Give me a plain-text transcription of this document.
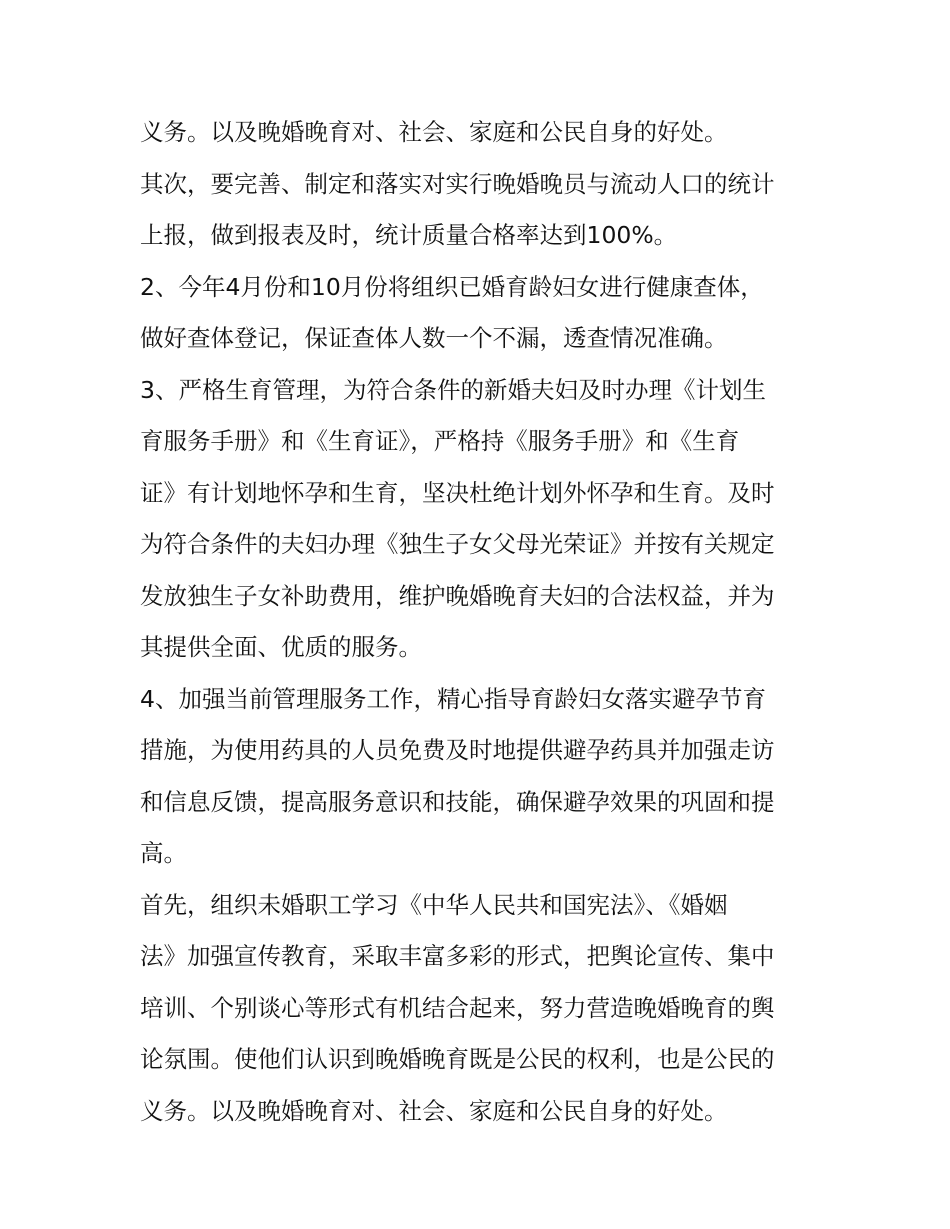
义务。以及晚婚晚育对、社会、家庭和公民自身的好处。
其次，要完善、制定和落实对实行晚婚晚员与流动人口的统计
上报，做到报表及时，统计质量合格率达到100%。
2、今年4月份和10月份将组织已婚育龄妇女进行健康查体，
做好查体登记，保证查体人数一个不漏，透查情况准确。
3、严格生育管理，为符合条件的新婚夫妇及时办理《计划生
育服务手册》和《生育证》，严格持《服务手册》和《生育
证》有计划地怀孕和生育，坚决杜绝计划外怀孕和生育。及时
为符合条件的夫妇办理《独生子女父母光荣证》并按有关规定
发放独生子女补助费用，维护晚婚晚育夫妇的合法权益，并为
其提供全面、优质的服务。
4、加强当前管理服务工作，精心指导育龄妇女落实避孕节育
措施，为使用药具的人员免费及时地提供避孕药具并加强走访
和信息反馈，提高服务意识和技能，确保避孕效果的巩固和提
高。
首先，组织未婚职工学习《中华人民共和国宪法》、《婚姻
法》加强宣传教育，采取丰富多彩的形式，把舆论宣传、集中
培训、个别谈心等形式有机结合起来，努力营造晚婚晚育的舆
论氛围。使他们认识到晚婚晚育既是公民的权利，也是公民的
义务。以及晚婚晚育对、社会、家庭和公民自身的好处。
